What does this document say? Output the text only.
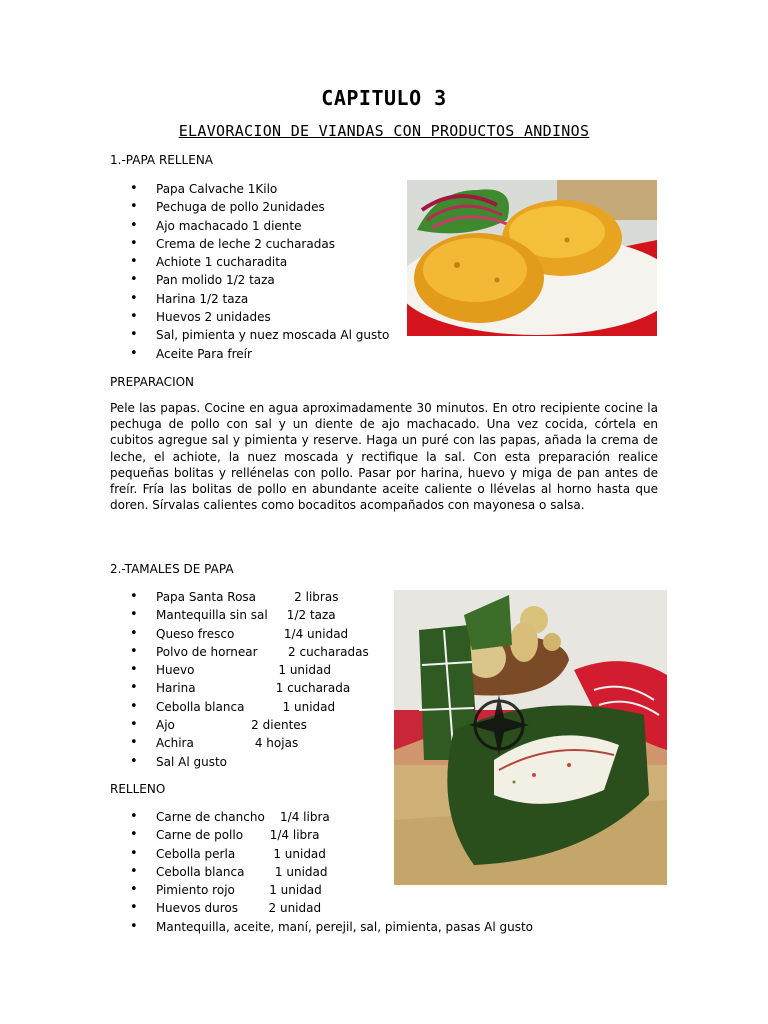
CAPITULO 3
ELAVORACION DE VIANDAS CON PRODUCTOS ANDINOS
1.-PAPA RELLENA
• Papa Calvache 1Kilo
• Pechuga de pollo 2unidades
• Ajo machacado 1 diente
• Crema de leche 2 cucharadas
• Achiote 1 cucharadita
• Pan molido 1/2 taza
• Harina 1/2 taza
• Huevos 2 unidades
• Sal, pimienta y nuez moscada Al gusto
• Aceite Para freír
PREPARACION

Pele las papas. Cocine en agua aproximadamente 30 minutos. En otro recipiente cocine la pechuga de pollo con sal y un diente de ajo machacado. Una vez cocida, córtela en cubitos agregue sal y pimienta y reserve. Haga un puré con las papas, añada la crema de leche, el achiote, la nuez moscada y rectifique la sal. Con esta preparación realice pequeñas bolitas y rellénelas con pollo. Pasar por harina, huevo y miga de pan antes de freír. Fría las bolitas de pollo en abundante aceite caliente o llévelas al horno hasta que doren. Sírvalas calientes como bocaditos acompañados con mayonesa o salsa.

2.-TAMALES DE PAPA
• Papa Santa Rosa          2 libras
• Mantequilla sin sal     1/2 taza
• Queso fresco             1/4 unidad
• Polvo de hornear        2 cucharadas
• Huevo                      1 unidad
• Harina                     1 cucharada
• Cebolla blanca          1 unidad
• Ajo                    2 dientes
• Achira                4 hojas
• Sal Al gusto
RELLENO
• Carne de chancho    1/4 libra
• Carne de pollo       1/4 libra
• Cebolla perla          1 unidad
• Cebolla blanca        1 unidad
• Pimiento rojo         1 unidad
• Huevos duros        2 unidad
• Mantequilla, aceite, maní, perejil, sal, pimienta, pasas Al gusto
